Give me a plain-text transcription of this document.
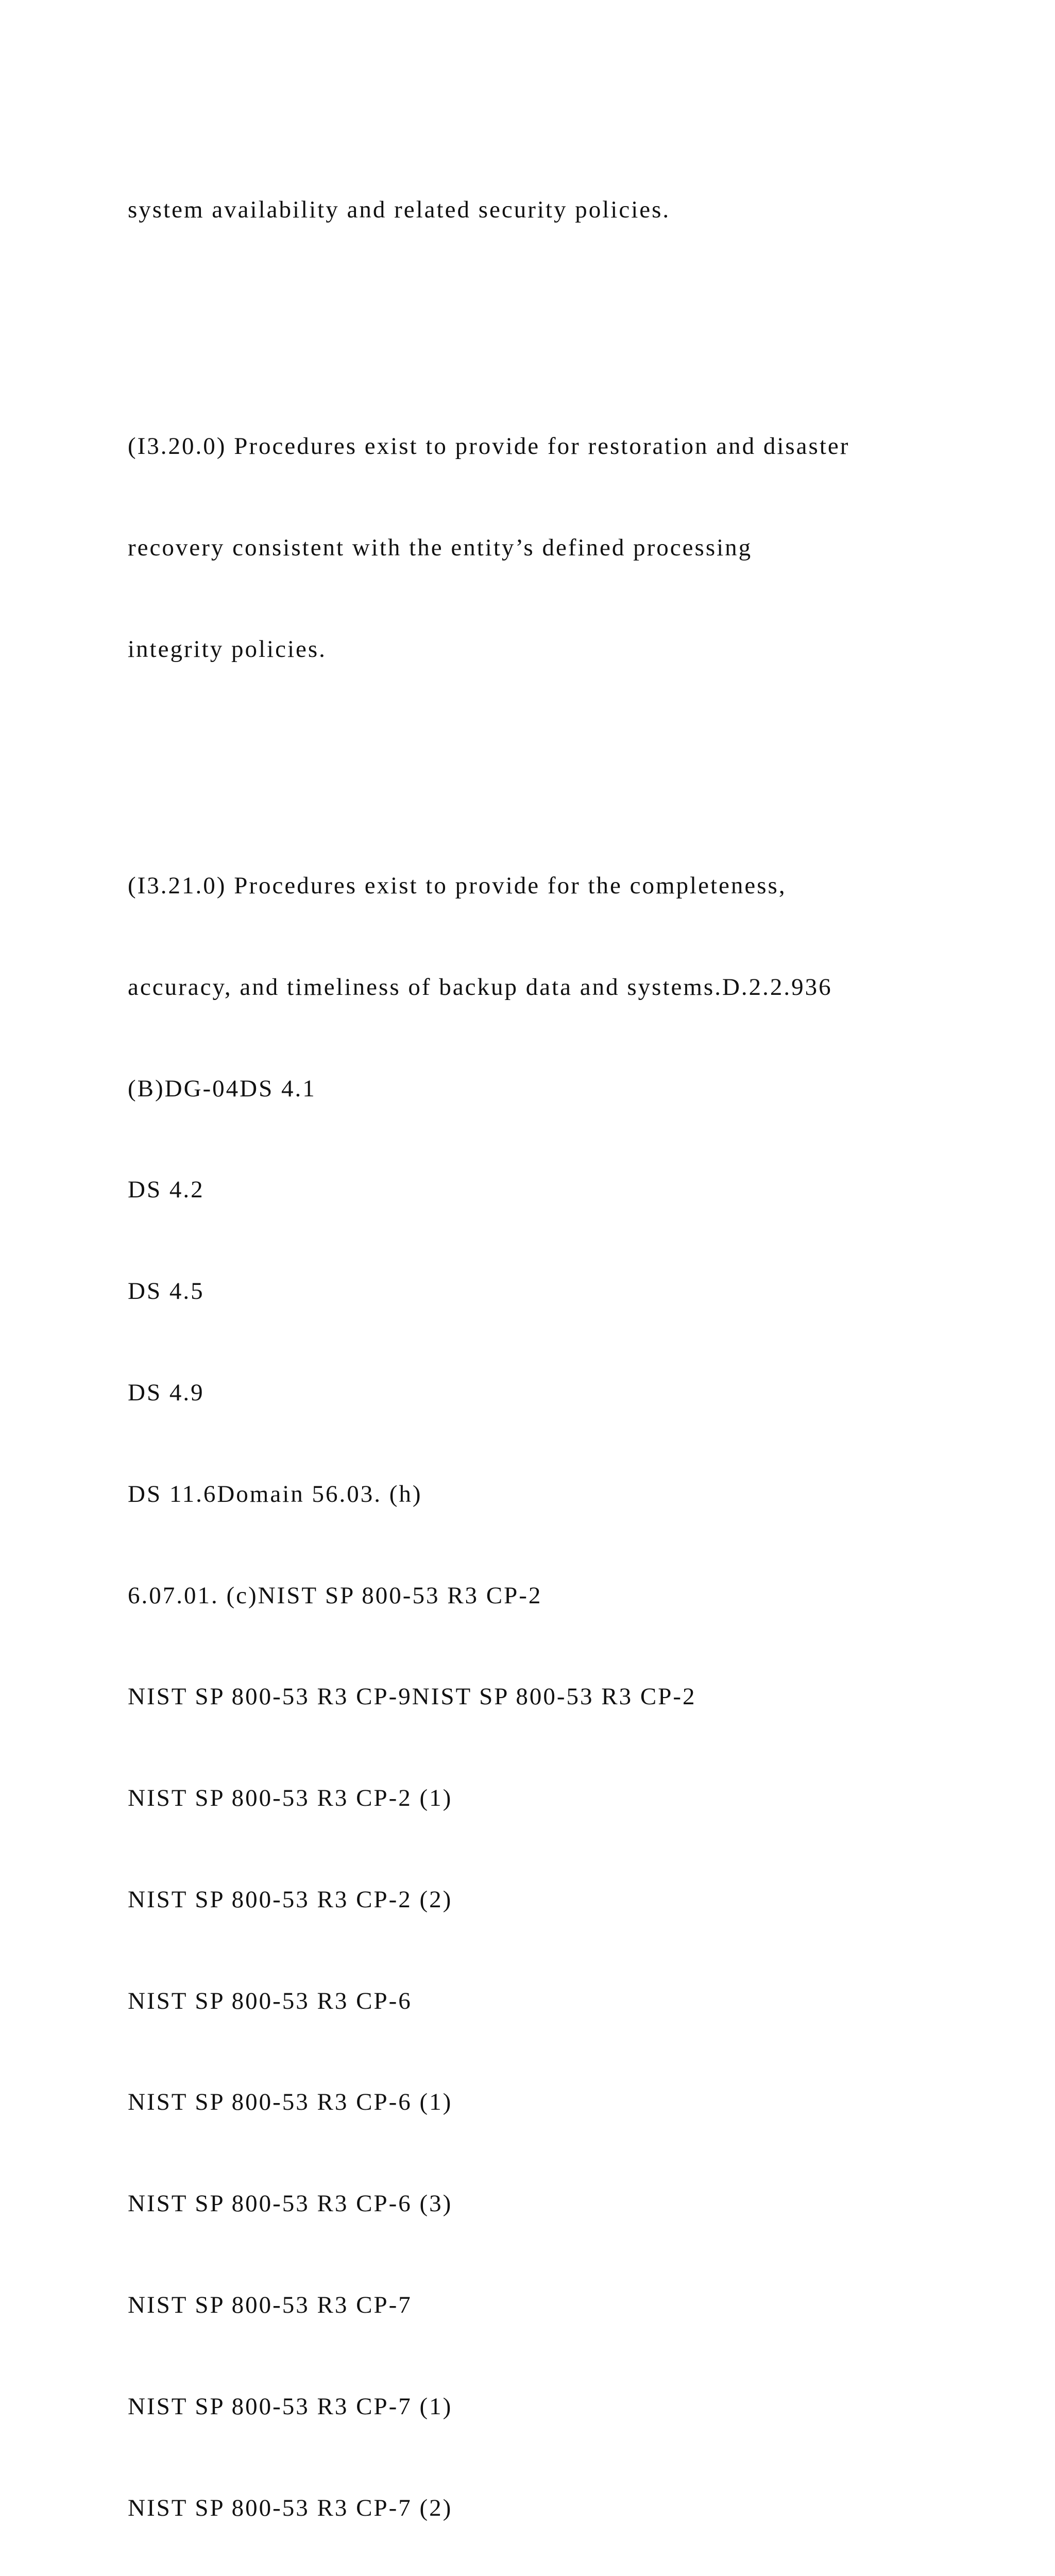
system availability and related security policies.

(I3.20.0) Procedures exist to provide for restoration and disaster

recovery consistent with the entity’s defined processing

integrity policies.

(I3.21.0) Procedures exist to provide for the completeness,

accuracy, and timeliness of backup data and systems.D.2.2.936

(B)DG-04DS 4.1

DS 4.2

DS 4.5

DS 4.9

DS 11.6Domain 56.03. (h)

6.07.01. (c)NIST SP 800-53 R3 CP-2

NIST SP 800-53 R3 CP-9NIST SP 800-53 R3 CP-2

NIST SP 800-53 R3 CP-2 (1)

NIST SP 800-53 R3 CP-2 (2)

NIST SP 800-53 R3 CP-6

NIST SP 800-53 R3 CP-6 (1)

NIST SP 800-53 R3 CP-6 (3)

NIST SP 800-53 R3 CP-7

NIST SP 800-53 R3 CP-7 (1)

NIST SP 800-53 R3 CP-7 (2)
